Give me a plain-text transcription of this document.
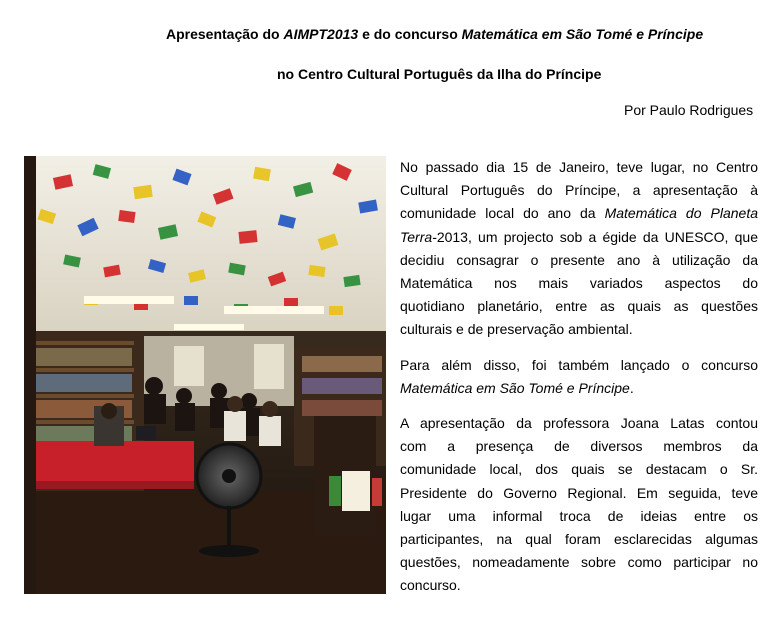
Apresentação do AIMPT2013 e do concurso Matemática em São Tomé e Príncipe
no Centro Cultural Português da Ilha do Príncipe
Por Paulo Rodrigues

No passado dia 15 de Janeiro, teve lugar, no Centro
Cultural Português do Príncipe, a apresentação à
comunidade local do ano da Matemática do Planeta
Terra-2013, um projecto sob a égide da UNESCO, que
decidiu consagrar o presente ano à utilização da
Matemática nos mais variados aspectos do
quotidiano planetário, entre as quais as questões
culturais e de preservação ambiental.

Para além disso, foi também lançado o concurso
Matemática em São Tomé e Príncipe.

A apresentação da professora Joana Latas contou
com a presença de diversos membros da
comunidade local, dos quais se destacam o Sr.
Presidente do Governo Regional. Em seguida, teve
lugar uma informal troca de ideias entre os
participantes, na qual foram esclarecidas algumas
questões, nomeadamente sobre como participar no
concurso.
